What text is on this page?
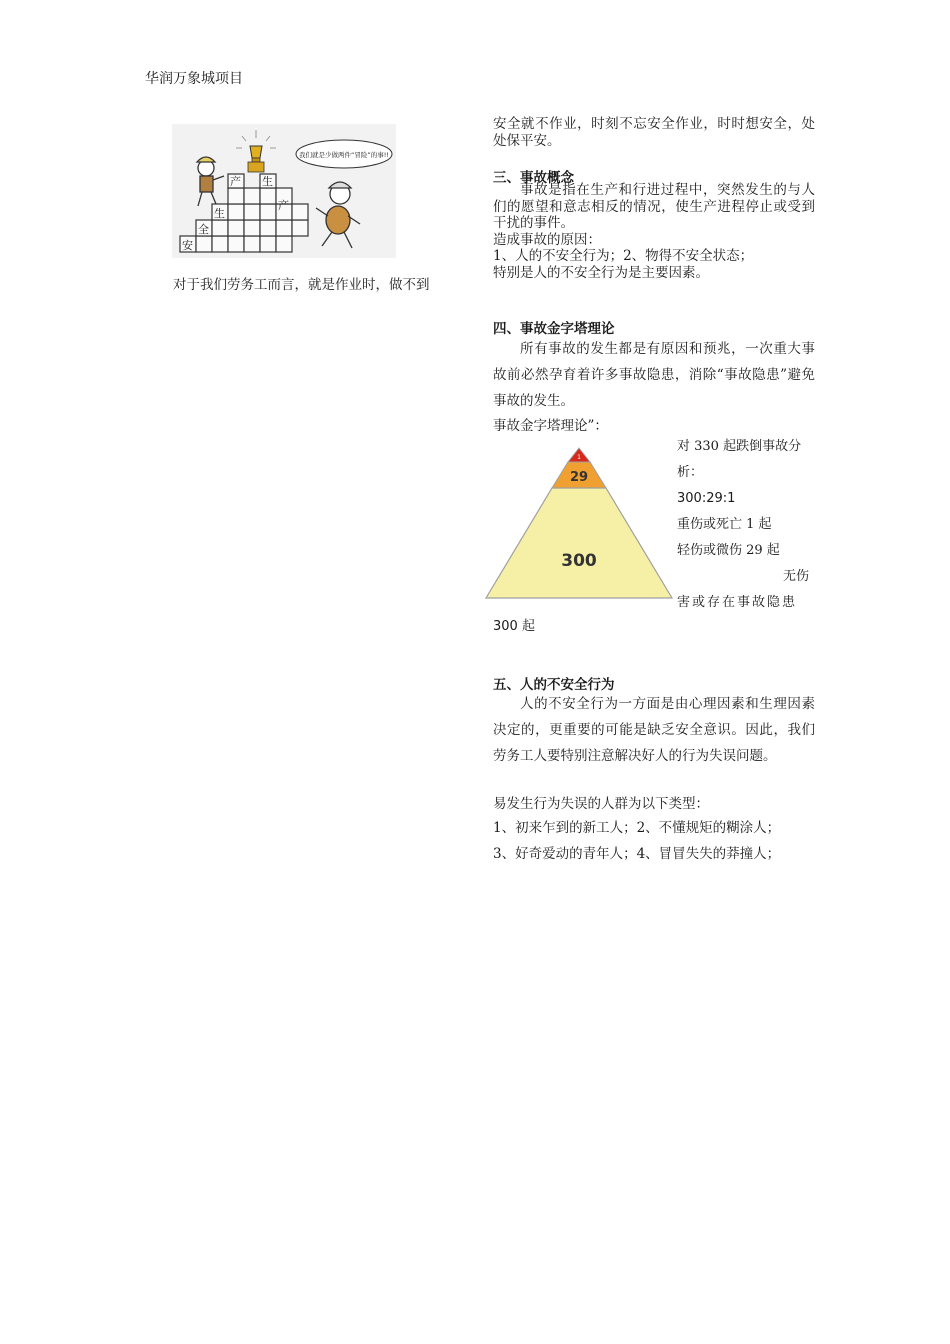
华润万象城项目
安
全
生
产 生
产
我们就是少做两件“冒险”的事!!
对于我们劳务工而言，就是作业时，做不到
安全就不作业，时刻不忘安全作业，时时想安全，处处保平安。
三、事故概念
事故是指在生产和行进过程中，突然发生的与人们的愿望和意志相反的情况，使生产进程停止或受到干扰的事件。
造成事故的原因：
1、人的不安全行为；2、物得不安全状态；
特别是人的不安全行为是主要因素。
四、事故金字塔理论
所有事故的发生都是有原因和预兆，一次重大事故前必然孕育着许多事故隐患，消除“事故隐患”避免事故的发生。
事故金字塔理论”：
1
29
300
对 330 起跌倒事故分
析：
300:29:1
重伤或死亡 1 起
轻伤或微伤 29 起
无伤
害或存在事故隐患
300 起
五、人的不安全行为
人的不安全行为一方面是由心理因素和生理因素决定的，更重要的可能是缺乏安全意识。因此，我们劳务工人要特别注意解决好人的行为失误问题。
易发生行为失误的人群为以下类型：
1、初来乍到的新工人；2、不懂规矩的糊涂人；
3、好奇爱动的青年人；4、冒冒失失的莽撞人；
